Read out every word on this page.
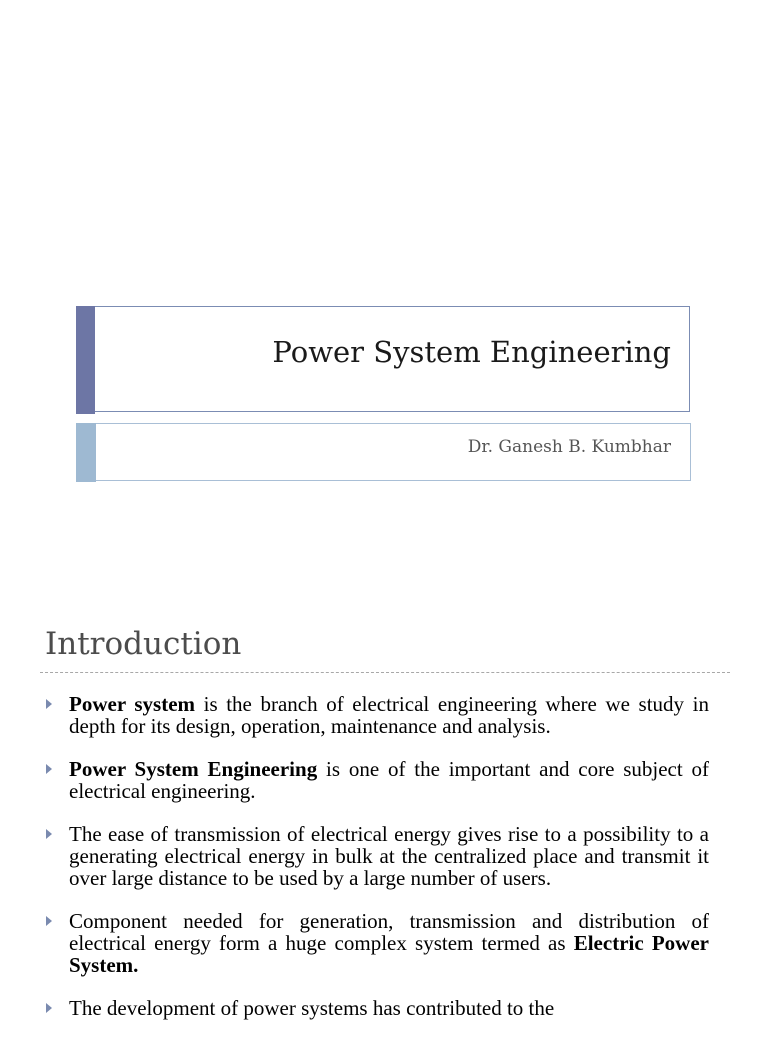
Power System Engineering
Dr. Ganesh B. Kumbhar
Introduction
Power system is the branch of electrical engineering where we study in depth for its design, operation, maintenance and analysis.
Power System Engineering is one of the important and core subject of electrical engineering.
The ease of transmission of electrical energy gives rise to a possibility to a generating electrical energy in bulk at the centralized place and transmit it over large distance to be used by a large number of users.
Component needed for generation, transmission and distribution of electrical energy form a huge complex system termed as Electric Power System.
The development of power systems has contributed to the
